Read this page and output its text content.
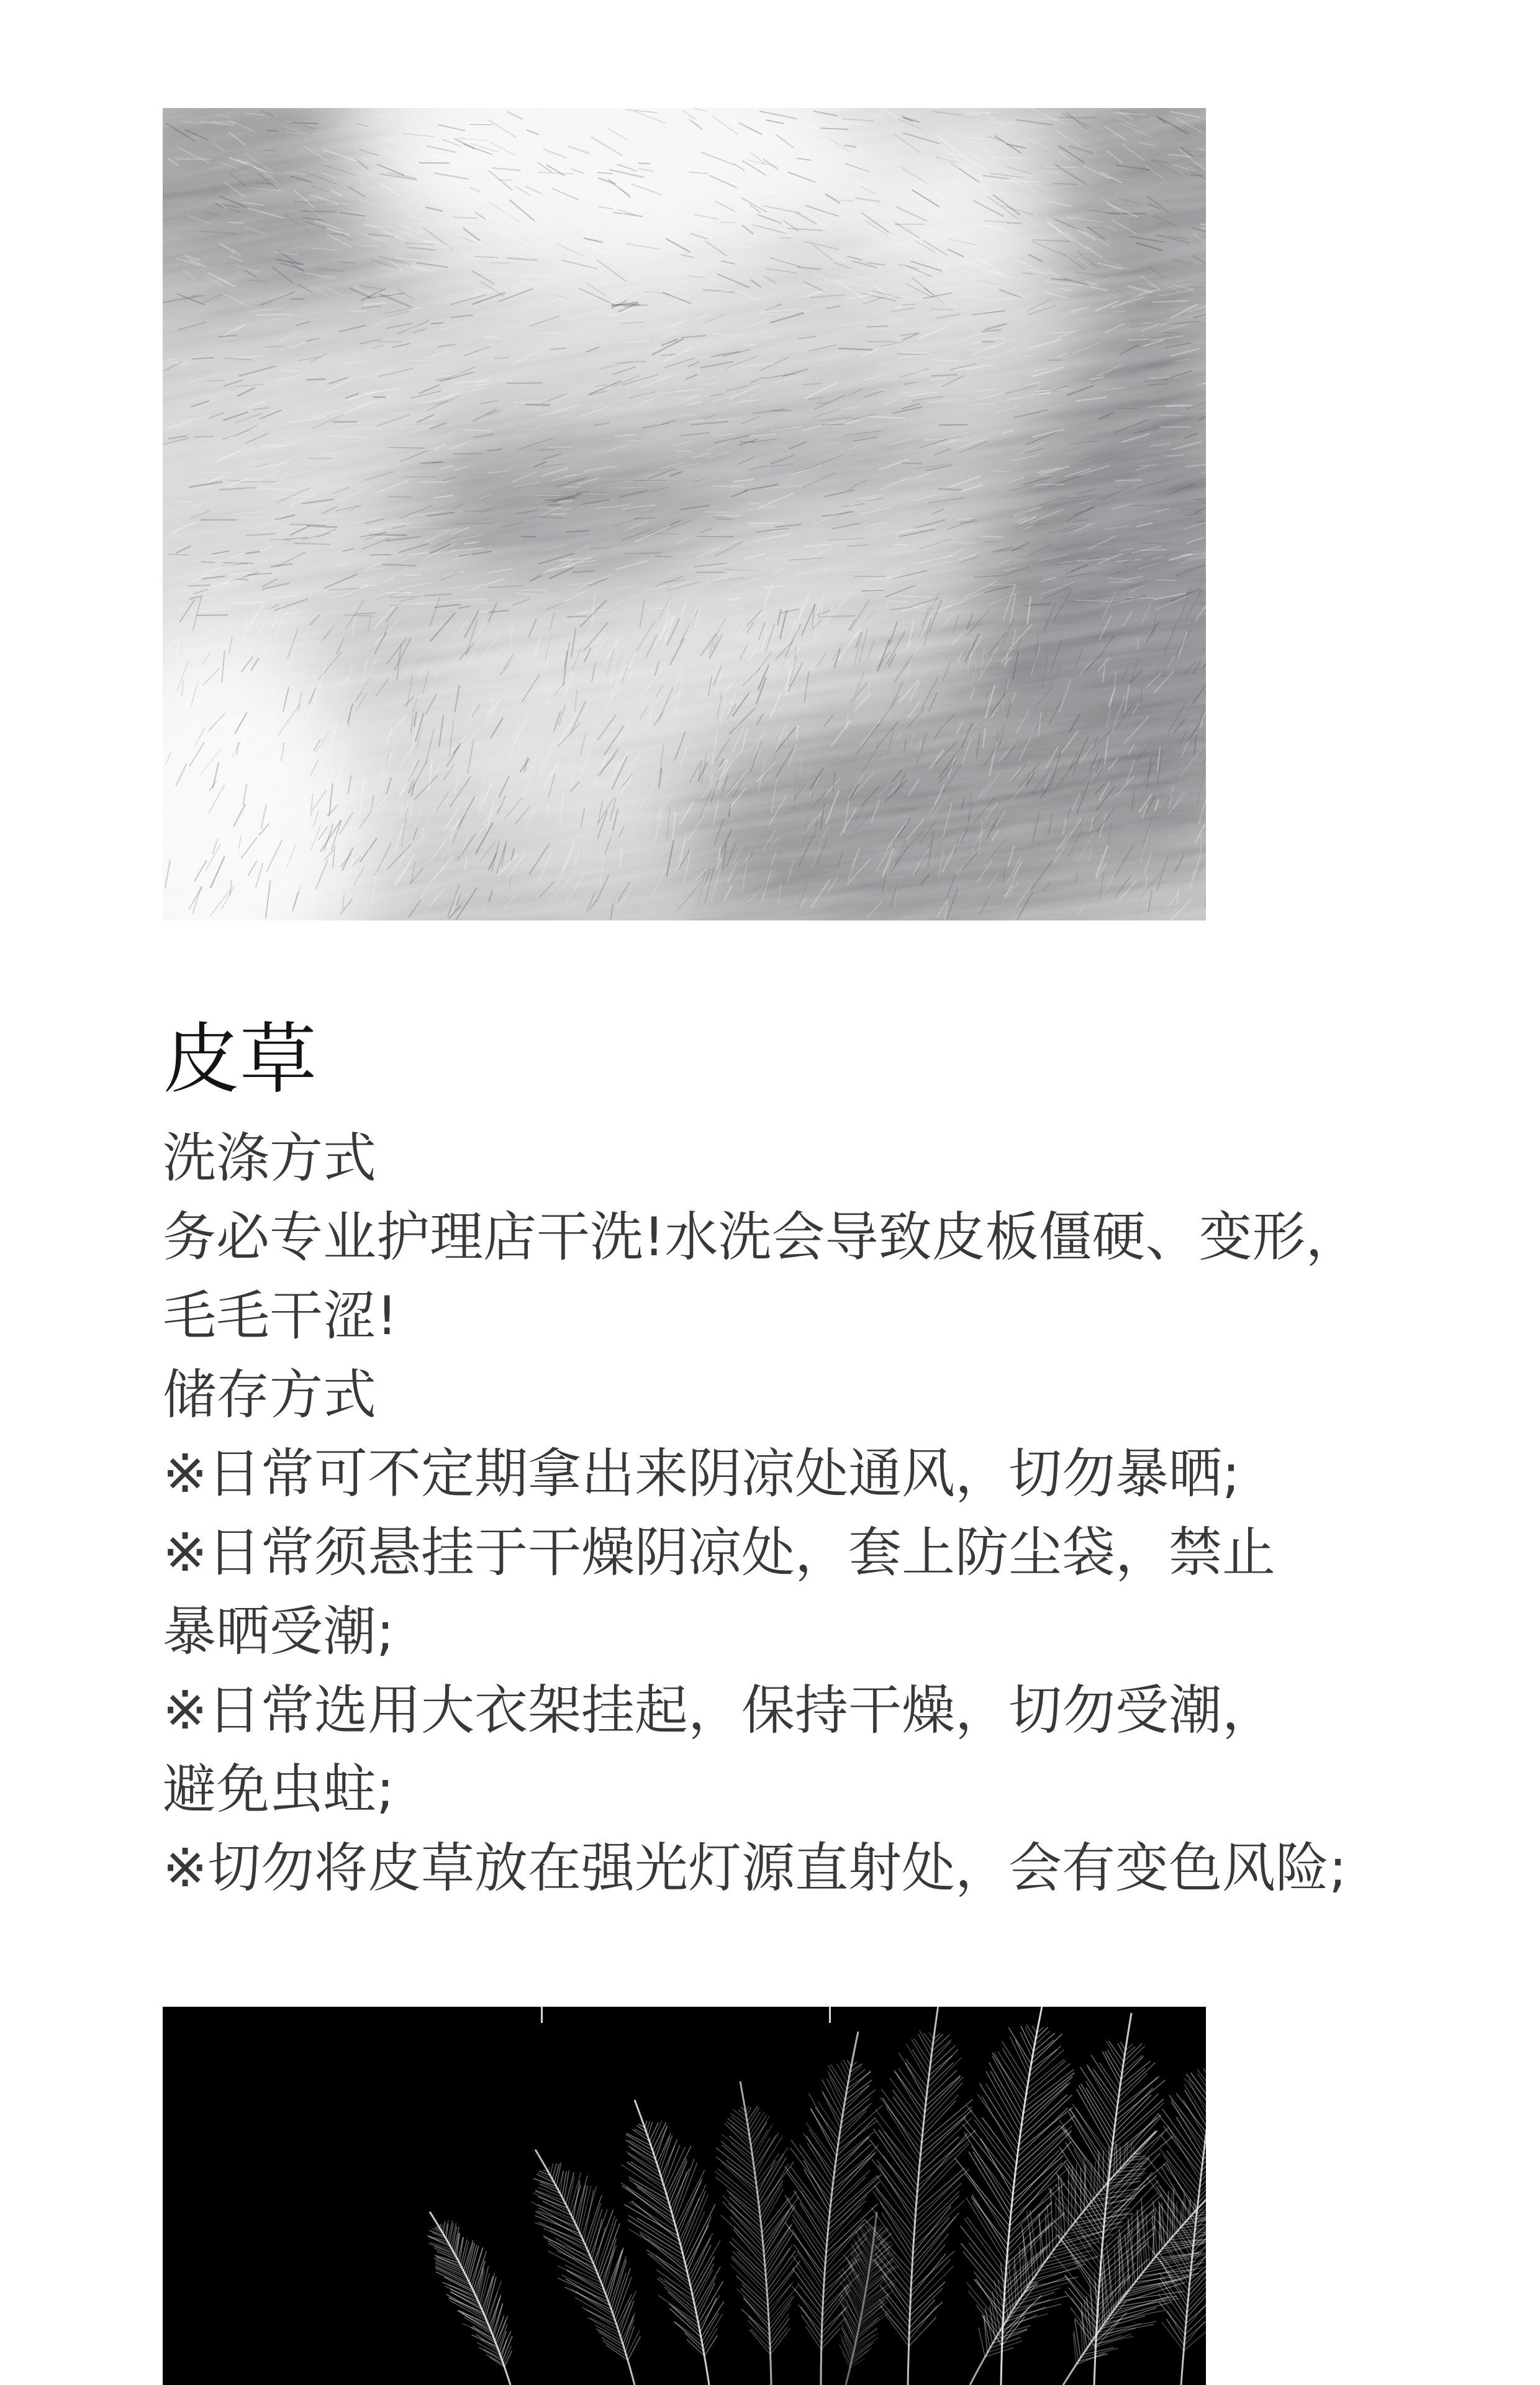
皮草
洗涤方式
务必专业护理店干洗!水洗会导致皮板僵硬、变形，
毛毛干涩!
储存方式
※日常可不定期拿出来阴凉处通风，切勿暴晒;
※日常须悬挂于干燥阴凉处，套上防尘袋，禁止
暴晒受潮;
※日常选用大衣架挂起，保持干燥，切勿受潮，
避免虫蛀;
※切勿将皮草放在强光灯源直射处，会有变色风险;
